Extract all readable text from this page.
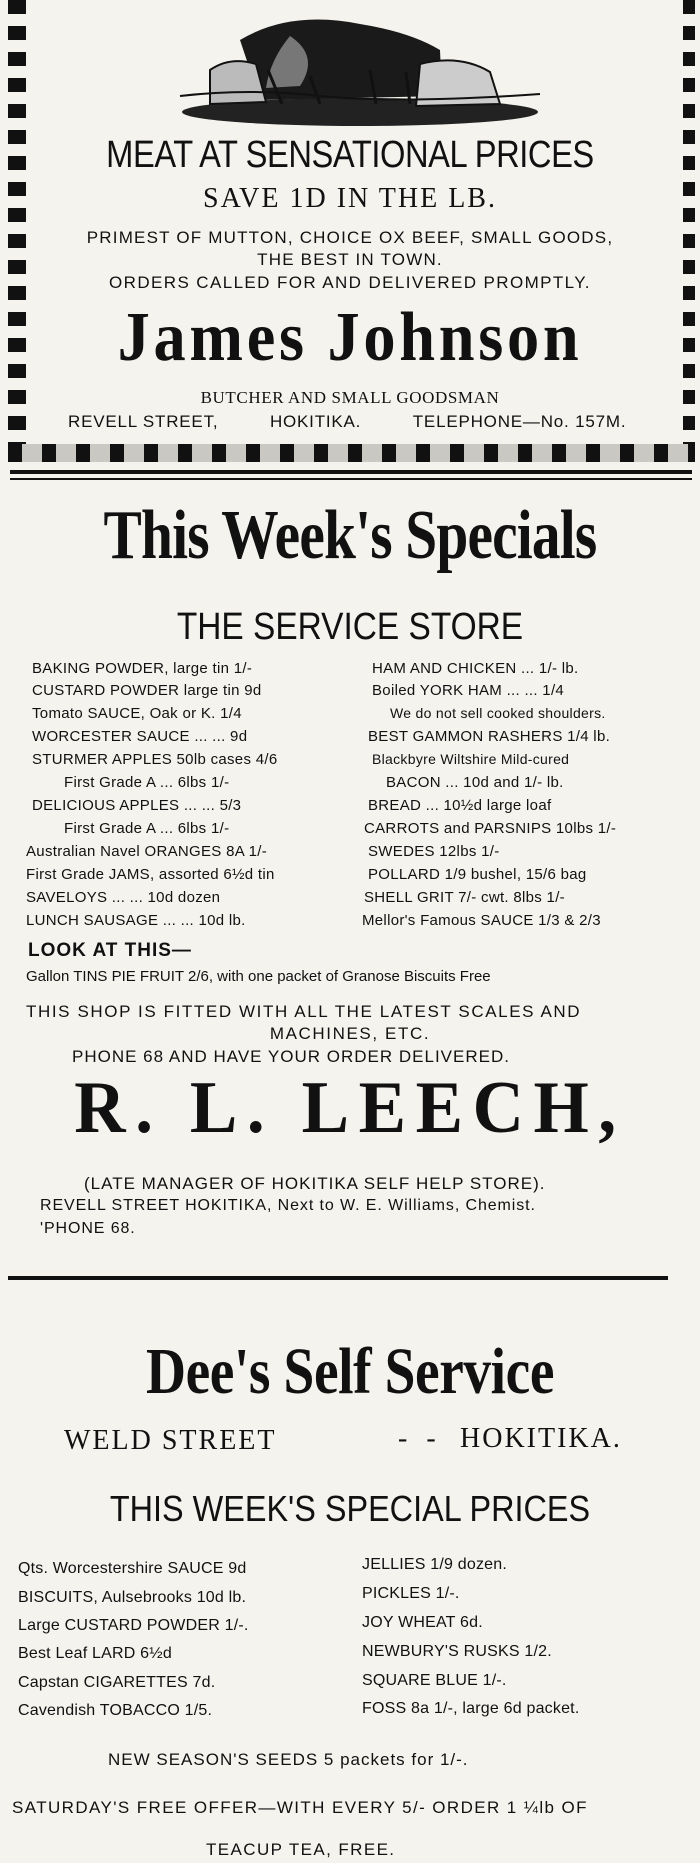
MEAT AT SENSATIONAL PRICES
SAVE 1D IN THE LB.
PRIMEST OF MUTTON, CHOICE OX BEEF, SMALL GOODS,
THE BEST IN TOWN.
ORDERS CALLED FOR AND DELIVERED PROMPTLY.
James Johnson
BUTCHER AND SMALL GOODSMAN
REVELL STREET,	HOKITIKA.	TELEPHONE—No. 157M.
This Week's Specials
THE SERVICE STORE
BAKING POWDER, large tin 1/-
CUSTARD POWDER large tin 9d
Tomato SAUCE, Oak or K. 1/4
WORCESTER SAUCE ... ... 9d
STURMER APPLES 50lb cases 4/6
First Grade A ... 6lbs 1/-
DELICIOUS APPLES ... ... 5/3
First Grade A ... 6lbs 1/-
Australian Navel ORANGES 8A 1/-
First Grade JAMS, assorted 6½d tin
SAVELOYS ... ... 10d dozen
LUNCH SAUSAGE ... ... 10d lb.
HAM AND CHICKEN ... 1/- lb.
Boiled YORK HAM ... ... 1/4
We do not sell cooked shoulders.
BEST GAMMON RASHERS 1/4 lb.
Blackbyre Wiltshire Mild-cured
BACON ... 10d and 1/- lb.
BREAD ... 10½d large loaf
CARROTS and PARSNIPS 10lbs 1/-
SWEDES 12lbs 1/-
POLLARD 1/9 bushel, 15/6 bag
SHELL GRIT 7/- cwt. 8lbs 1/-
Mellor's Famous SAUCE 1/3 & 2/3
LOOK AT THIS—
Gallon TINS PIE FRUIT 2/6, with one packet of Granose Biscuits Free
THIS SHOP IS FITTED WITH ALL THE LATEST SCALES AND
MACHINES, ETC.
PHONE 68 AND HAVE YOUR ORDER DELIVERED.
R. L. LEECH,
(LATE MANAGER OF HOKITIKA SELF HELP STORE).
REVELL STREET HOKITIKA, Next to W. E. Williams, Chemist.
'PHONE 68.
Dee's Self Service
WELD STREET	- - HOKITIKA.
THIS WEEK'S SPECIAL PRICES
Qts. Worcestershire SAUCE 9d
BISCUITS, Aulsebrooks 10d lb.
Large CUSTARD POWDER 1/-.
Best Leaf LARD 6½d
Capstan CIGARETTES 7d.
Cavendish TOBACCO 1/5.
JELLIES 1/9 dozen.
PICKLES 1/-.
JOY WHEAT 6d.
NEWBURY'S RUSKS 1/2.
SQUARE BLUE 1/-.
FOSS 8a 1/-, large 6d packet.
NEW SEASON'S SEEDS 5 packets for 1/-.
SATURDAY'S FREE OFFER—WITH EVERY 5/- ORDER 1 ¼lb OF
TEACUP TEA, FREE.
